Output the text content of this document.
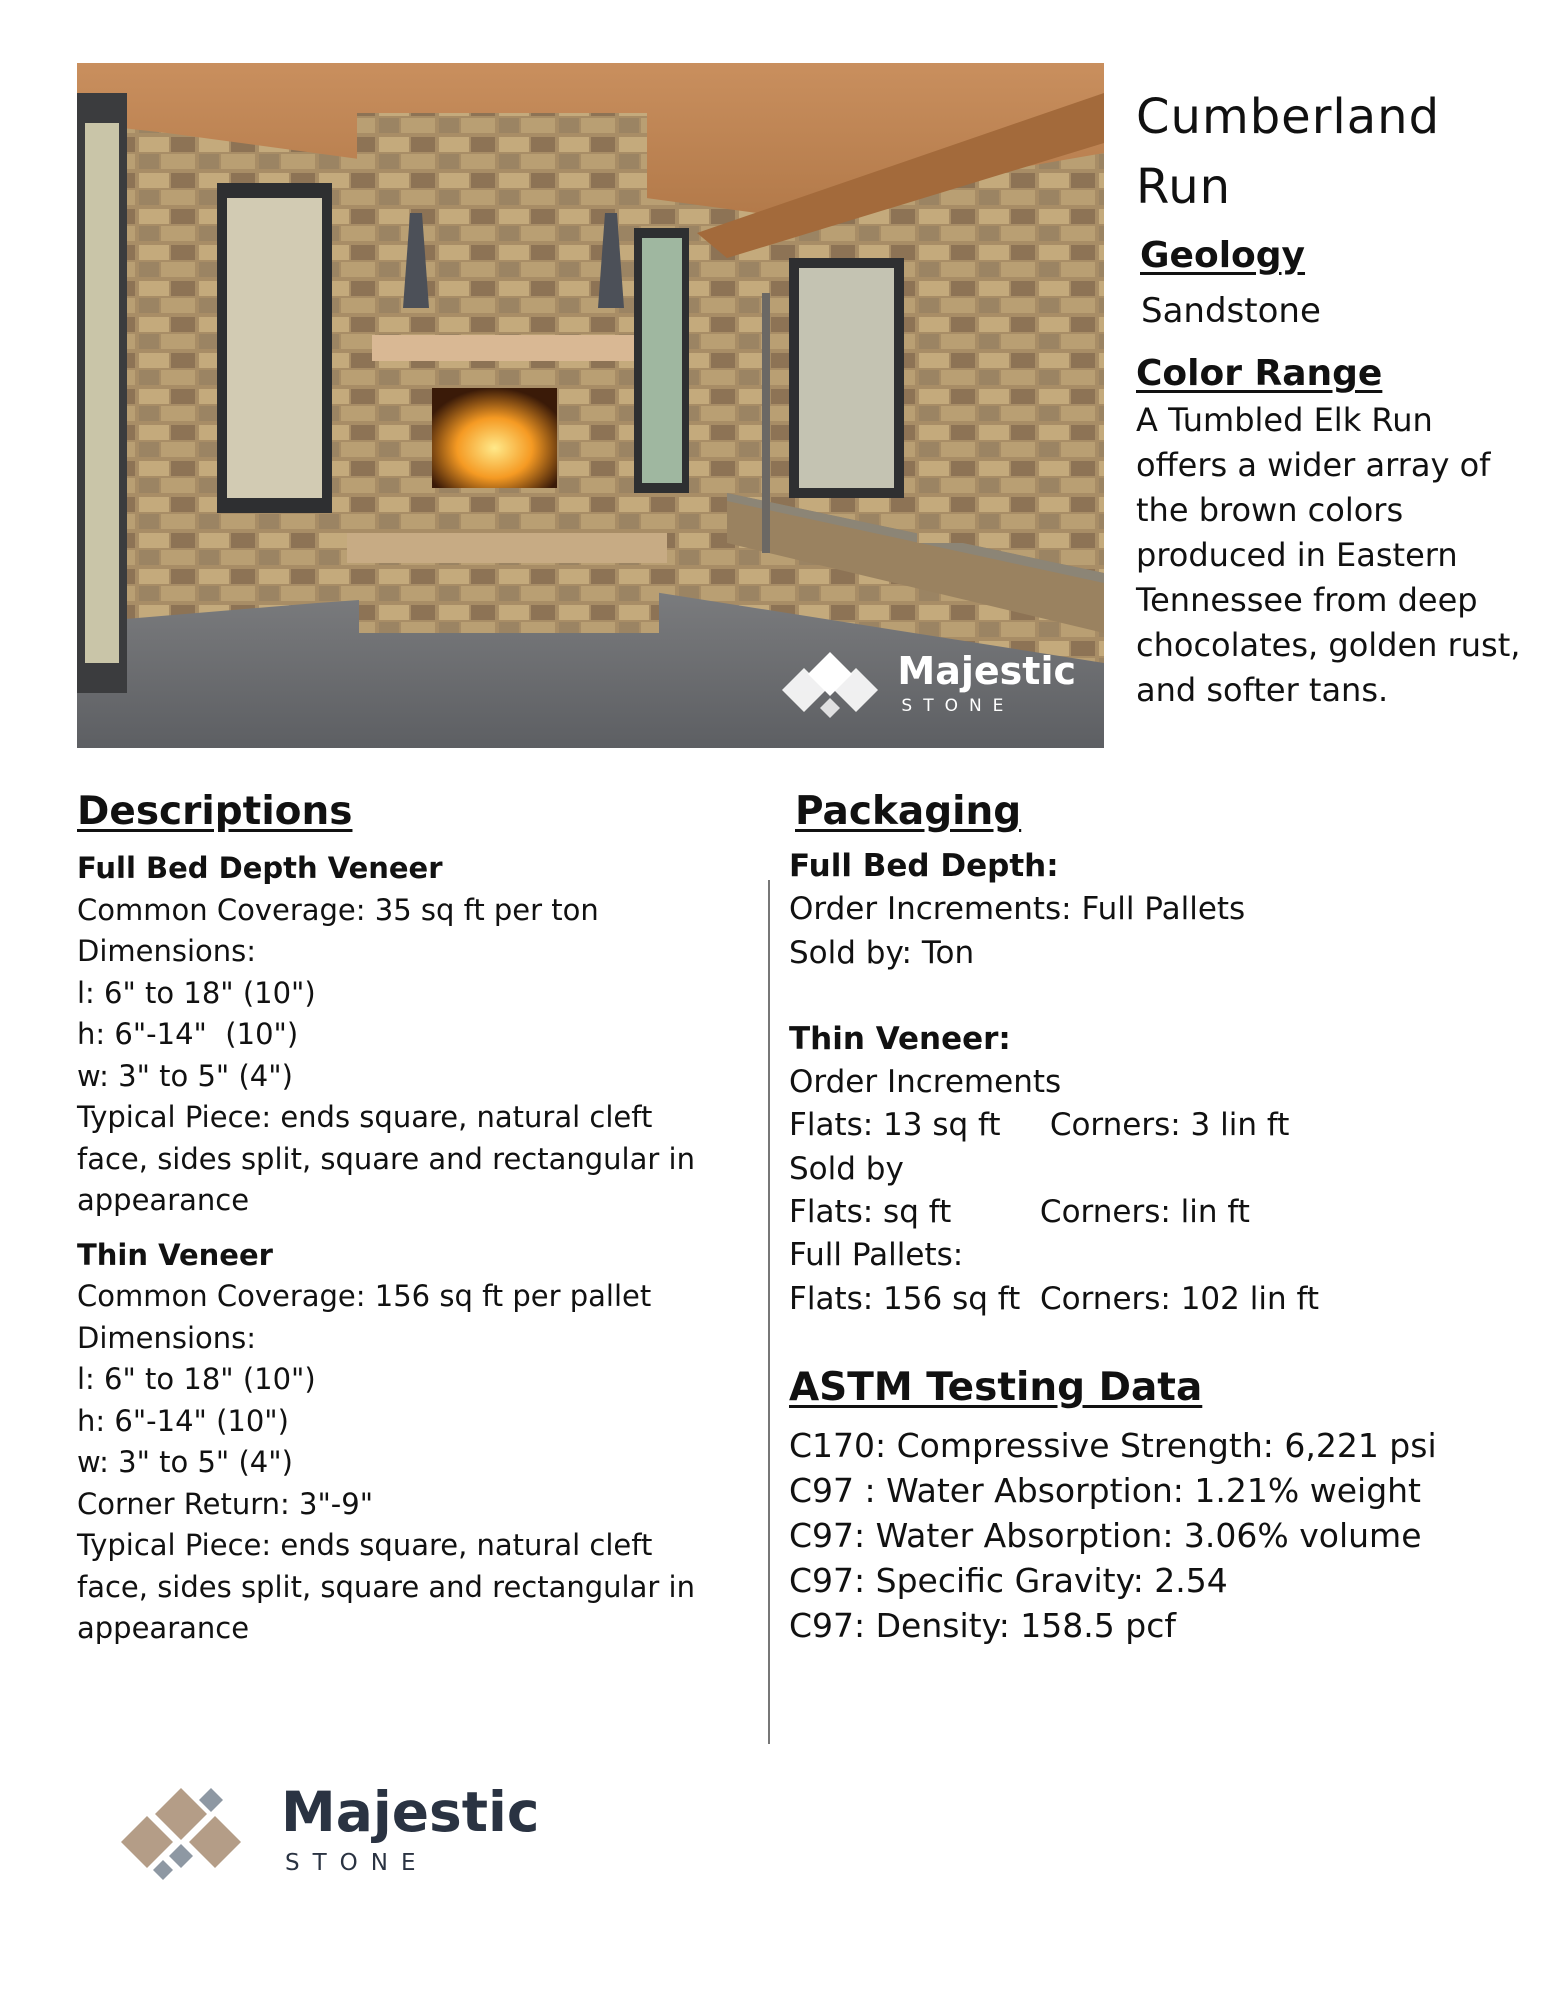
Majestic
STONE
Cumberland Run
Geology
Sandstone
Color Range
A Tumbled Elk Run offers a wider array of the brown colors produced in Eastern Tennessee from deep chocolates, golden rust, and softer tans.
Descriptions

Full Bed Depth Veneer

Common Coverage: 35 sq ft per ton

Dimensions:

l: 6" to 18" (10")

h: 6"-14"  (10")

w: 3" to 5" (4")

Typical Piece: ends square, natural cleft face, sides split, square and rectangular in appearance

Thin Veneer

Common Coverage: 156 sq ft per pallet

Dimensions:

l: 6" to 18" (10")

h: 6"-14" (10")

w: 3" to 5" (4")

Corner Return: 3"-9"

Typical Piece: ends square, natural cleft face, sides split, square and rectangular in appearance

Packaging

Full Bed Depth:

Order Increments: Full Pallets

Sold by: Ton

Thin Veneer:

Order Increments

Flats: 13 sq ft     Corners: 3 lin ft

Sold by

Flats: sq ft         Corners: lin ft

Full Pallets:

Flats: 156 sq ft  Corners: 102 lin ft

ASTM Testing Data

C170: Compressive Strength: 6,221 psi

C97 : Water Absorption: 1.21% weight

C97: Water Absorption: 3.06% volume

C97: Specific Gravity: 2.54

C97: Density: 158.5 pcf

Majestic
STONE
